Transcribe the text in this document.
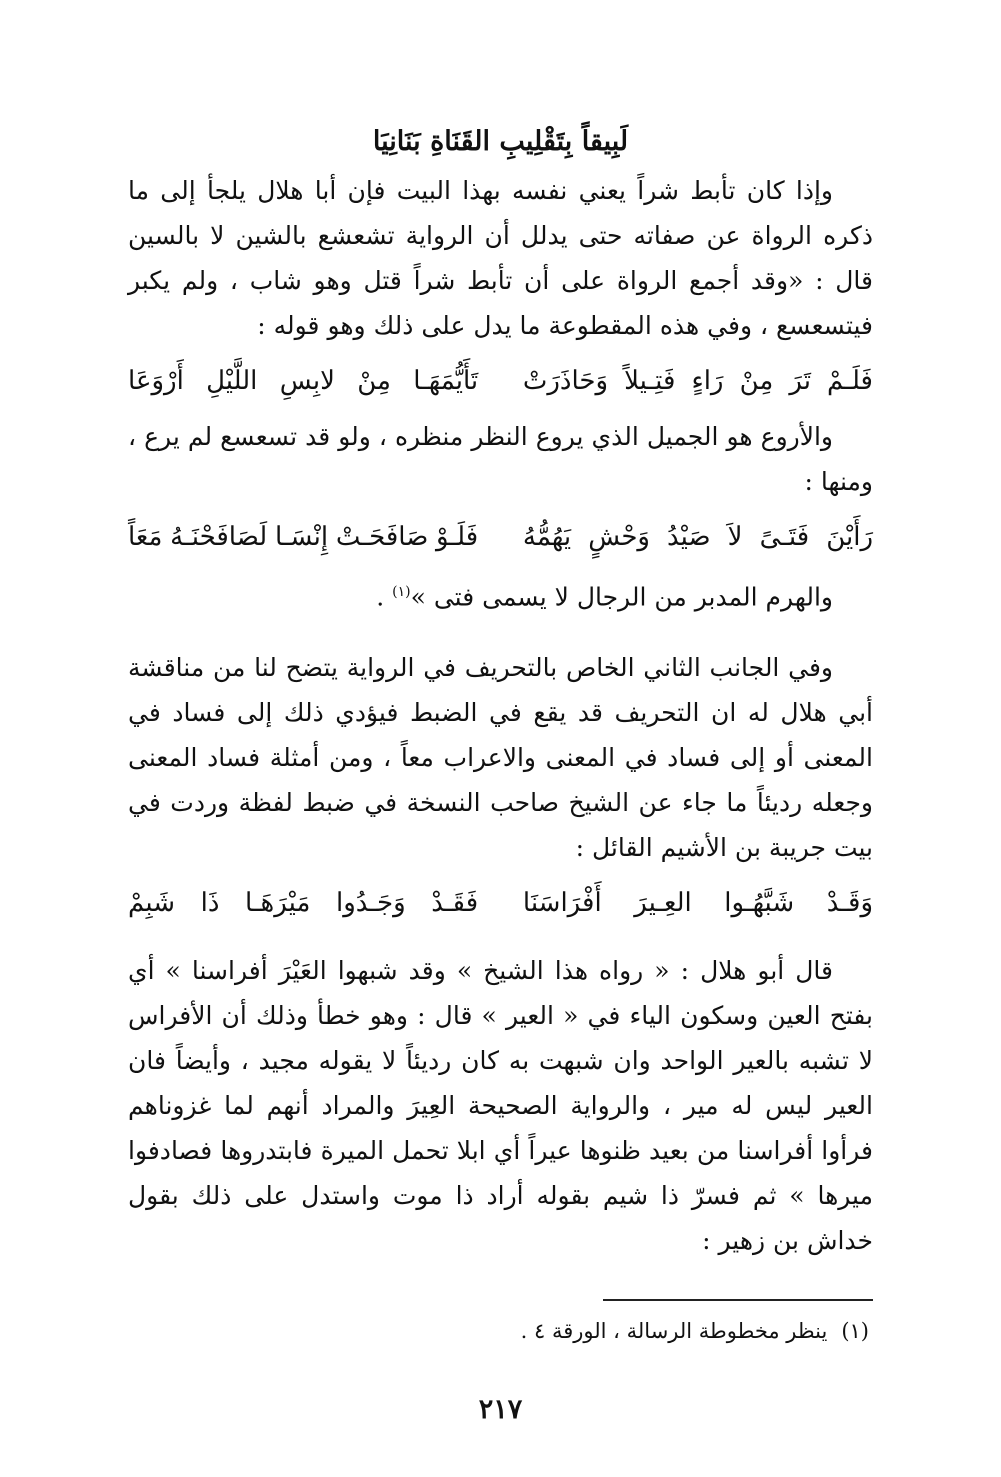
لَبِيقاً بِتَقْلِيبِ القَنَاةِ بَنَانِيَا

وإذا كان تأبط شراً يعني نفسه بهذا البيت فإن أبا هلال يلجأ إلى ما ذكره الرواة عن صفاته حتى يدلل أن الرواية تشعشع بالشين لا بالسين قال : «وقد أجمع الرواة على أن تأبط شراً قتل وهو شاب ، ولم يكبر فيتسعسع ، وفي هذه المقطوعة ما يدل على ذلك وهو قوله :

فَلَـمْ
تَرَ
مِنْ
رَاءٍ
فَتِـيلاً
وَحَاذَرَتْ
تَأَيُّمَهَـا
مِنْ
لابِسِ
اللَّيْلِ
أَرْوَعَا

والأروع هو الجميل الذي يروع النظر منظره ، ولو قد تسعسع لم يرع ، ومنها :

رَأَيْنَ
فَتَـىً
لاَ
صَيْدُ
وَحْشٍ
يَهُمُّهُ
فَلَـوْ
صَافَحَـتْ
إِنْسَـا
لَصَافَحْنَـهُ
مَعَاً

والهرم المدبر من الرجال لا يسمى فتى »$^{(١)}$ .

وفي الجانب الثاني الخاص بالتحريف في الرواية يتضح لنا من مناقشة أبي هلال له ان التحريف قد يقع في الضبط فيؤدي ذلك إلى فساد في المعنى أو إلى فساد في المعنى والاعراب معاً ، ومن أمثلة فساد المعنى وجعله رديئاً ما جاء عن الشيخ صاحب النسخة في ضبط لفظة وردت في بيت جريبة بن الأشيم القائل :

وَقَـدْ
شَبَّهُـوا
العِـيرَ
أَفْرَاسَنَا
فَقَـدْ
وَجَـدُوا
مَيْرَهَـا
ذَا
شَبِمْ

قال أبو هلال : « رواه هذا الشيخ » وقد شبهوا العَيْرَ أفراسنا » أي بفتح العين وسكون الياء في « العير » قال : وهو خطأ وذلك أن الأفراس لا تشبه بالعير الواحد وان شبهت به كان رديئاً لا يقوله مجيد ، وأيضاً فان العير ليس له مير ، والرواية الصحيحة العِيرَ والمراد أنهم لما غزوناهم فرأوا أفراسنا من بعيد ظنوها عيراً أي ابلا تحمل الميرة فابتدروها فصادفوا ميرها » ثم فسرّ ذا شيم بقوله أراد ذا موت واستدل على ذلك بقول خداش بن زهير :

(١)ينظر مخطوطة الرسالة ، الورقة ٤ .

٢١٧
